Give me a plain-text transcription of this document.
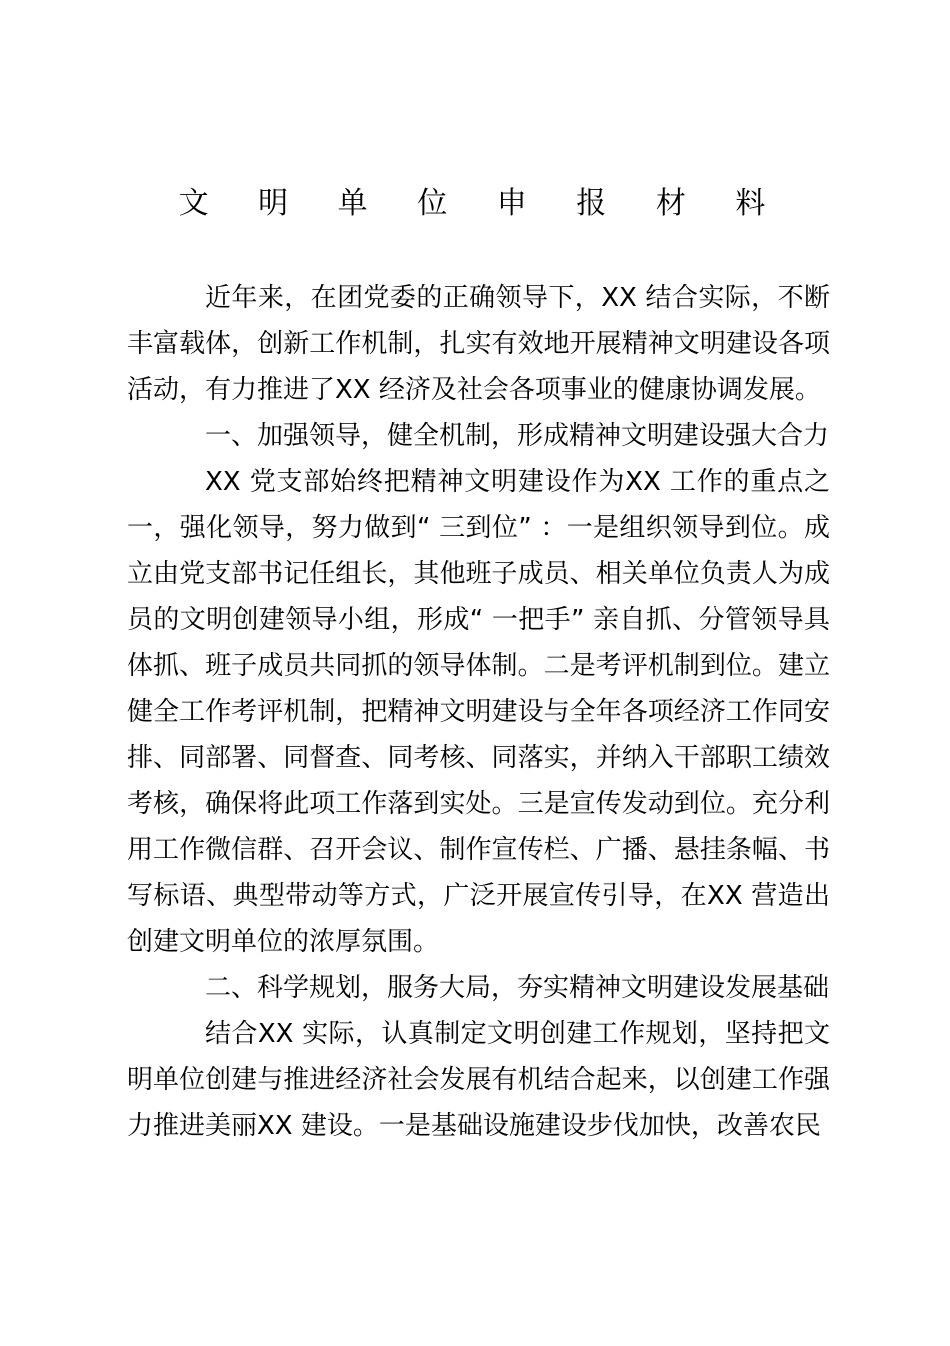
文 明 单 位 申 报 材 料

近年来，在团党委的正确领导下，XX 结合实际，不断丰富载体，创新工作机制，扎实有效地开展精神文明建设各项活动，有力推进了XX 经济及社会各项事业的健康协调发展。

一、加强领导，健全机制，形成精神文明建设强大合力

XX 党支部始终把精神文明建设作为XX 工作的重点之一，强化领导，努力做到“ 三到位” ：一是组织领导到位。成立由党支部书记任组长，其他班子成员、相关单位负责人为成员的文明创建领导小组，形成“ 一把手” 亲自抓、分管领导具体抓、班子成员共同抓的领导体制。二是考评机制到位。建立健全工作考评机制，把精神文明建设与全年各项经济工作同安排、同部署、同督查、同考核、同落实，并纳入干部职工绩效考核，确保将此项工作落到实处。三是宣传发动到位。充分利用工作微信群、召开会议、制作宣传栏、广播、悬挂条幅、书写标语、典型带动等方式，广泛开展宣传引导，在XX 营造出创建文明单位的浓厚氛围。

二、科学规划，服务大局，夯实精神文明建设发展基础

结合XX 实际，认真制定文明创建工作规划，坚持把文明单位创建与推进经济社会发展有机结合起来，以创建工作强力推进美丽XX 建设。一是基础设施建设步伐加快，改善农民
